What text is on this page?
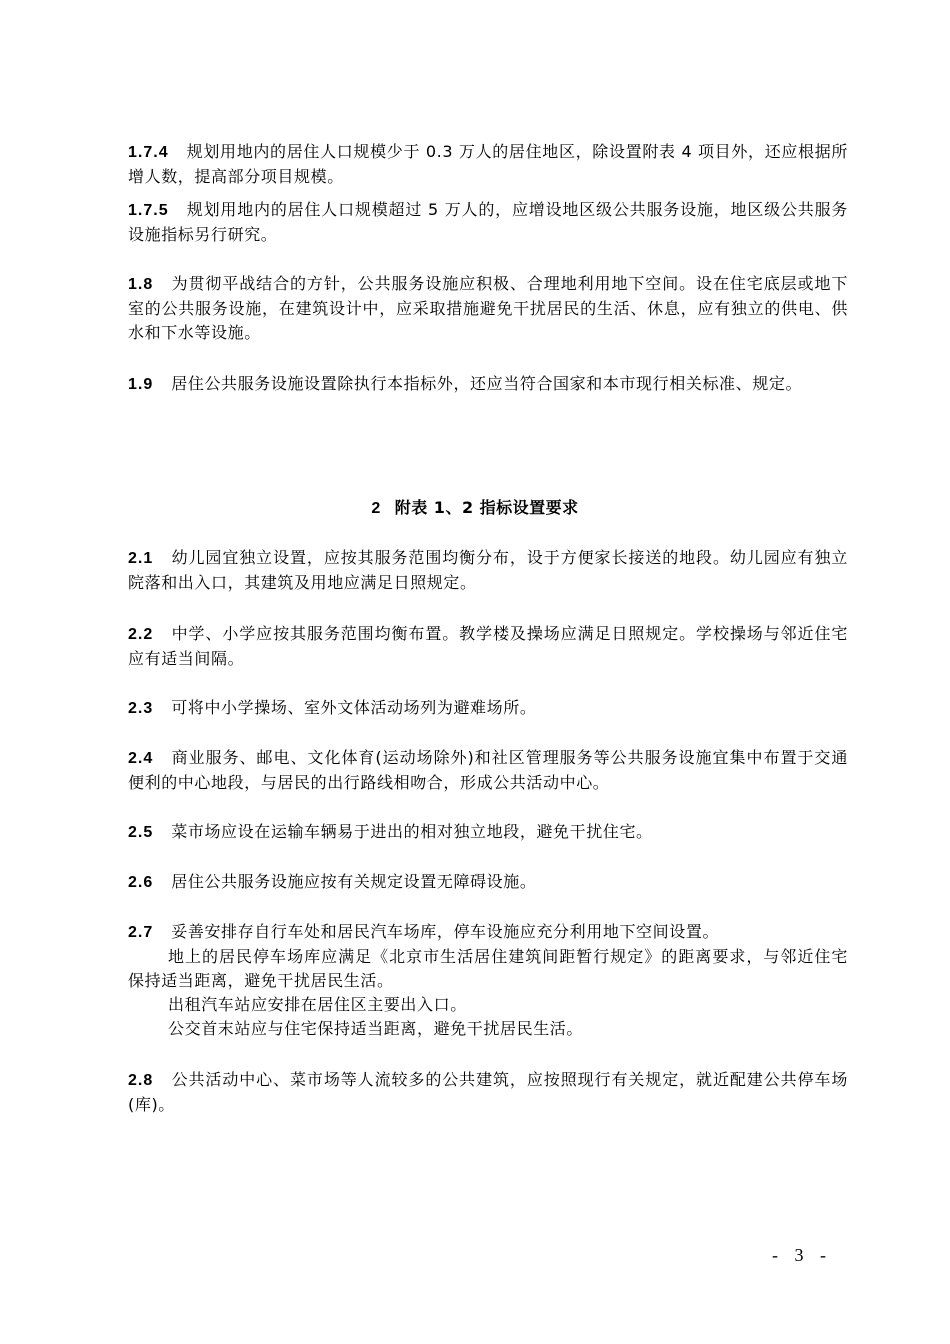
1.7.4 规划用地内的居住人口规模少于 0.3 万人的居住地区，除设置附表 4 项目外，还应根据所增人数，提高部分项目规模。
1.7.5 规划用地内的居住人口规模超过 5 万人的，应增设地区级公共服务设施，地区级公共服务设施指标另行研究。
1.8 为贯彻平战结合的方针，公共服务设施应积极、合理地利用地下空间。设在住宅底层或地下室的公共服务设施，在建筑设计中，应采取措施避免干扰居民的生活、休息，应有独立的供电、供水和下水等设施。
1.9 居住公共服务设施设置除执行本指标外，还应当符合国家和本市现行相关标准、规定。
2 附表 1、2 指标设置要求
2.1 幼儿园宜独立设置，应按其服务范围均衡分布，设于方便家长接送的地段。幼儿园应有独立院落和出入口，其建筑及用地应满足日照规定。
2.2 中学、小学应按其服务范围均衡布置。教学楼及操场应满足日照规定。学校操场与邻近住宅应有适当间隔。
2.3 可将中小学操场、室外文体活动场列为避难场所。
2.4 商业服务、邮电、文化体育(运动场除外)和社区管理服务等公共服务设施宜集中布置于交通便利的中心地段，与居民的出行路线相吻合，形成公共活动中心。
2.5 菜市场应设在运输车辆易于进出的相对独立地段，避免干扰住宅。
2.6 居住公共服务设施应按有关规定设置无障碍设施。
2.7 妥善安排存自行车处和居民汽车场库，停车设施应充分利用地下空间设置。
地上的居民停车场库应满足《北京市生活居住建筑间距暂行规定》的距离要求，与邻近住宅保持适当距离，避免干扰居民生活。
出租汽车站应安排在居住区主要出入口。
公交首末站应与住宅保持适当距离，避免干扰居民生活。
2.8 公共活动中心、菜市场等人流较多的公共建筑，应按照现行有关规定，就近配建公共停车场(库)。
- 3 -
